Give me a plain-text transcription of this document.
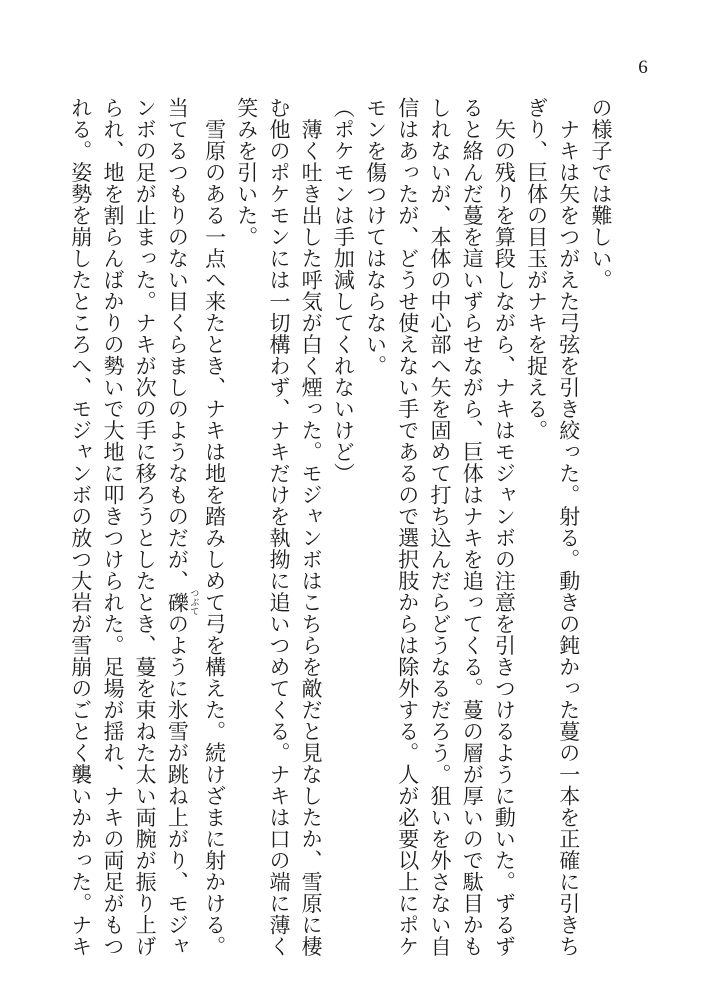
6
の様子では難しい。
　ナキは矢をつがえた弓弦を引き絞った。射る。動きの鈍かった蔓の一本を正確に引きち
ぎり、巨体の目玉がナキを捉える。
　矢の残りを算段しながら、ナキはモジャンボの注意を引きつけるように動いた。ずるず
ると絡んだ蔓を這いずらせながら、巨体はナキを追ってくる。蔓の層が厚いので駄目かも
しれないが、本体の中心部へ矢を固めて打ち込んだらどうなるだろう。狙いを外さない自
信はあったが、どうせ使えない手であるので選択肢からは除外する。人が必要以上にポケ
モンを傷つけてはならない。
（ポケモンは手加減してくれないけど）
　薄く吐き出した呼気が白く煙った。モジャンボはこちらを敵だと見なしたか、雪原に棲
む他のポケモンには一切構わず、ナキだけを執拗に追いつめてくる。ナキは口の端に薄く
笑みを引いた。
　雪原のある一点へ来たとき、ナキは地を踏みしめて弓を構えた。続けざまに射かける。
当てるつもりのない目くらましのようなものだが、礫 つぶてのように氷雪が跳ね上がり、モジャ
ンボの足が止まった。ナキが次の手に移ろうとしたとき、蔓を束ねた太い両腕が振り上げ
られ、地を割らんばかりの勢いで大地に叩きつけられた。足場が揺れ、ナキの両足がもつ
れる。姿勢を崩したところへ、モジャンボの放つ大岩が雪崩のごとく襲いかかった。ナキ
